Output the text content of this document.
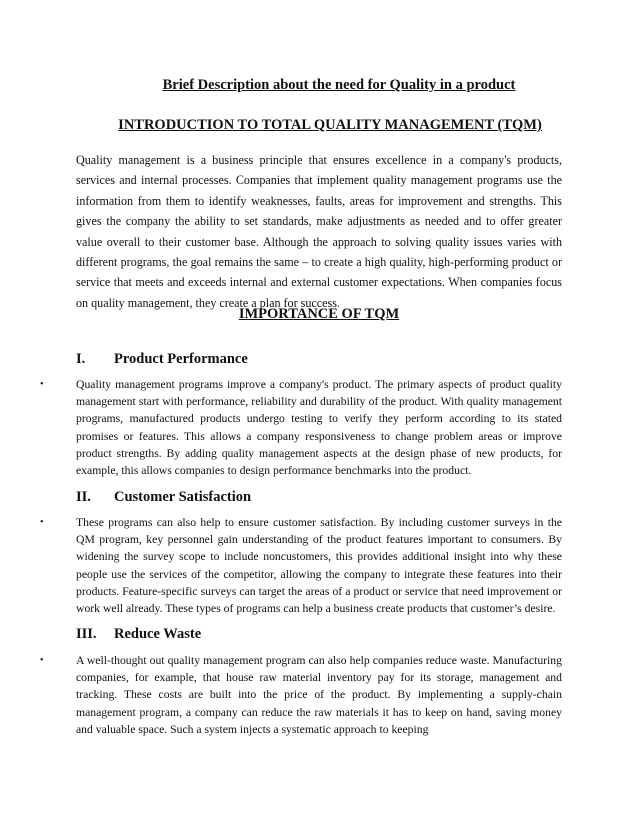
Brief Description about the need for Quality in a product
INTRODUCTION TO TOTAL QUALITY MANAGEMENT (TQM)

Quality management is a business principle that ensures excellence in a company's products, services and internal processes. Companies that implement quality management programs use the information from them to identify weaknesses, faults, areas for improvement and strengths. This gives the company the ability to set standards, make adjustments as needed and to offer greater value overall to their customer base. Although the approach to solving quality issues varies with different programs, the goal remains the same – to create a high quality, high-performing product or service that meets and exceeds internal and external customer expectations. When companies focus on quality management, they create a plan for success.

IMPORTANCE OF TQM
I. Product Performance
•	Quality management programs improve a company's product. The primary aspects of product quality management start with performance, reliability and durability of the product. With quality management programs, manufactured products undergo testing to verify they perform according to its stated promises or features. This allows a company responsiveness to change problem areas or improve product strengths. By adding quality management aspects at the design phase of new products, for example, this allows companies to design performance benchmarks into the product.

II. Customer Satisfaction
•	These programs can also help to ensure customer satisfaction. By including customer surveys in the QM program, key personnel gain understanding of the product features important to consumers. By widening the survey scope to include noncustomers, this provides additional insight into why these people use the services of the competitor, allowing the company to integrate these features into their products. Feature-specific surveys can target the areas of a product or service that need improvement or work well already. These types of programs can help a business create products that customer’s desire.

III. Reduce Waste
•	A well-thought out quality management program can also help companies reduce waste. Manufacturing companies, for example, that house raw material inventory pay for its storage, management and tracking. These costs are built into the price of the product. By implementing a supply-chain management program, a company can reduce the raw materials it has to keep on hand, saving money and valuable space. Such a system injects a systematic approach to keeping
